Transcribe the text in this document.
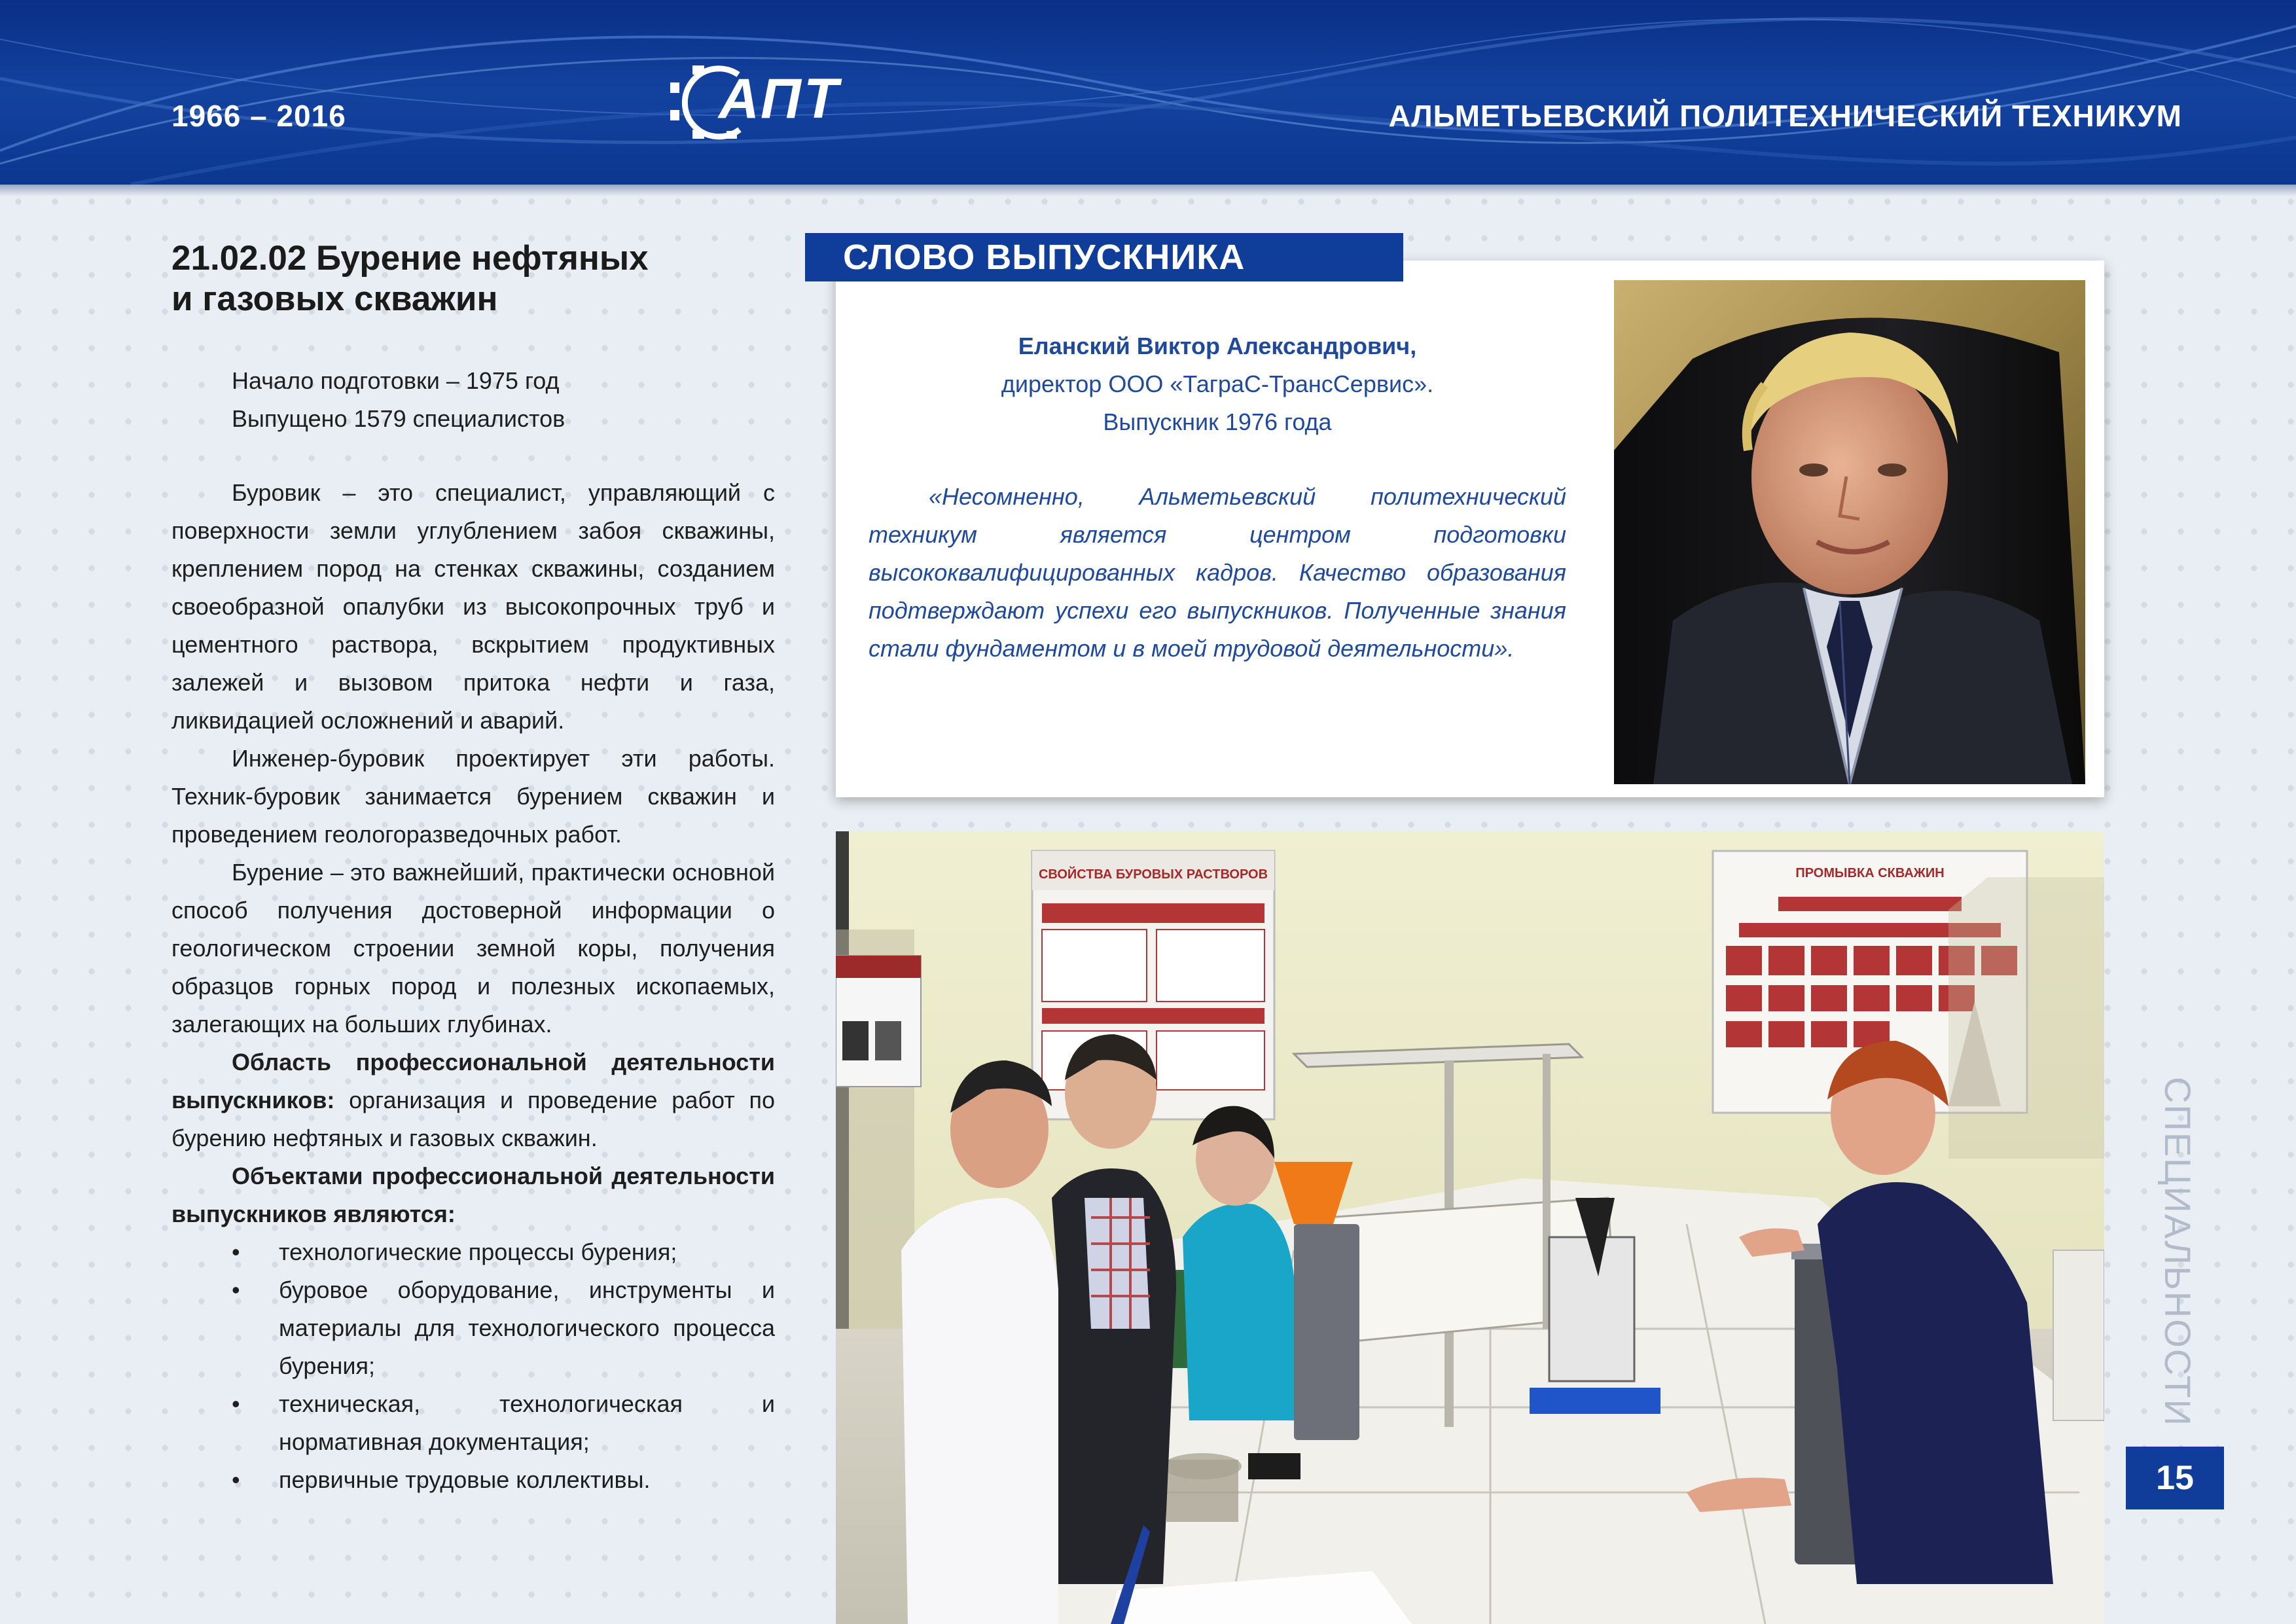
1966 – 2016	АПТ	АЛЬМЕТЬЕВСКИЙ ПОЛИТЕХНИЧЕСКИЙ ТЕХНИКУМ
21.02.02 Бурение нефтяных
и газовых скважин
Начало подготовки – 1975 год
Выпущено 1579 специалистов

Буровик – это специалист, управляющий с поверхности земли углублением забоя скважины, креплением пород на стенках скважины, созданием своеобразной опалубки из высокопрочных труб и цементного раствора, вскрытием продуктивных залежей и вызовом притока нефти и газа, ликвидацией осложнений и аварий.

Инженер-буровик проектирует эти работы. Техник-буровик занимается бурением скважин и проведением геологоразведочных работ.

Бурение – это важнейший, практически основной способ получения достоверной информации о геологическом строении земной коры, получения образцов горных пород и полезных ископаемых, залегающих на больших глубинах.

Область профессиональной деятельности выпускников: организация и проведение работ по бурению нефтяных и газовых скважин.

Объектами профессиональной деятельности выпускников являются:

• технологические процессы бурения;
• буровое оборудование, инструменты и материалы для технологического процесса бурения;
• техническая, технологическая и нормативная документация;
• первичные трудовые коллективы.
СЛОВО ВЫПУСКНИКА
Еланский Виктор Александрович,
директор ООО «ТаграС-ТрансСервис».
Выпускник 1976 года
«Несомненно, Альметьевский политехнический техникум является центром подготовки высококвалифицированных кадров. Качество образования подтверждают успехи его выпускников. Полученные знания стали фундаментом и в моей трудовой деятельности».
СВОЙСТВА БУРОВЫХ РАСТВОРОВ	ПРОМЫВКА СКВАЖИН
СПЕЦИАЛЬНОСТИ
15
